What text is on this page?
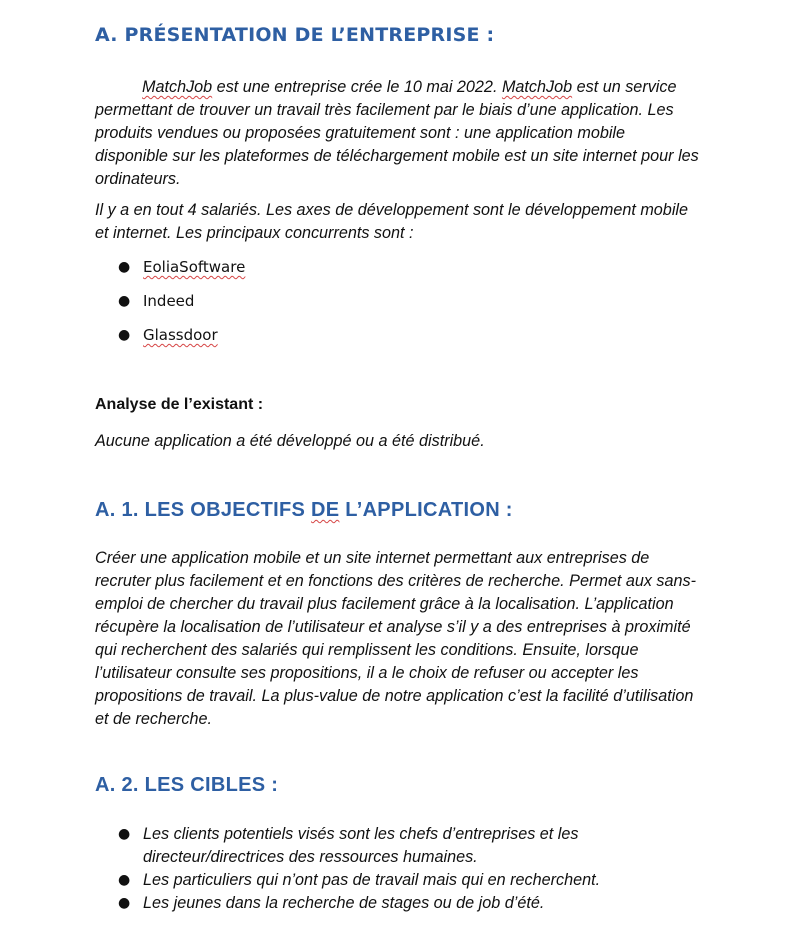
A. PRÉSENTATION DE L’ENTREPRISE :

MatchJob est une entreprise crée le 10 mai 2022. MatchJob est un service permettant de trouver un travail très facilement par le biais d’une application. Les produits vendues ou proposées gratuitement sont : une application mobile disponible sur les plateformes de téléchargement mobile est un site internet pour les ordinateurs.

Il y a en tout 4 salariés. Les axes de développement sont le développement mobile et internet. Les principaux concurrents sont :

● EoliaSoftware
● Indeed
● Glassdoor

Analyse de l’existant :

Aucune application a été développé ou a été distribué.

A. 1. LES OBJECTIFS DE L’APPLICATION :

Créer une application mobile et un site internet permettant aux entreprises de recruter plus facilement et en fonctions des critères de recherche. Permet aux sans-emploi de chercher du travail plus facilement grâce à la localisation. L’application récupère la localisation de l’utilisateur et analyse s’il y a des entreprises à proximité qui recherchent des salariés qui remplissent les conditions. Ensuite, lorsque l’utilisateur consulte ses propositions, il a le choix de refuser ou accepter les propositions de travail. La plus-value de notre application c’est la facilité d’utilisation et de recherche.

A. 2. LES CIBLES :
● Les clients potentiels visés sont les chefs d’entreprises et les directeur/directrices des ressources humaines.
● Les particuliers qui n’ont pas de travail mais qui en recherchent.
● Les jeunes dans la recherche de stages ou de job d’été.
